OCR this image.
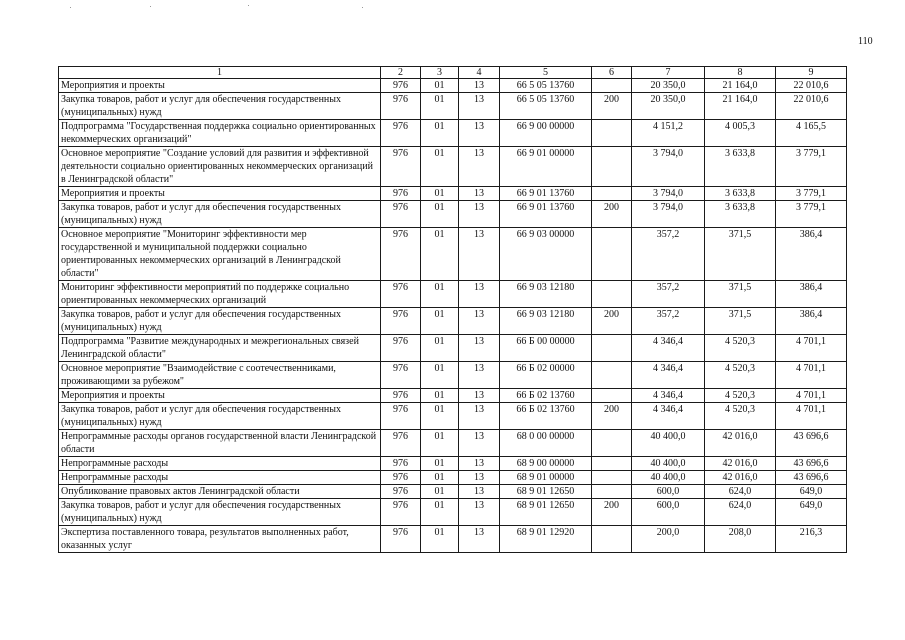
110
1	2	3	4	5	6	7	8	9
Мероприятия и проекты	976	01	13	66 5 05 13760		20 350,0	21 164,0	22 010,6
Закупка товаров, работ и услуг для обеспечения государственных (муниципальных) нужд	976	01	13	66 5 05 13760	200	20 350,0	21 164,0	22 010,6
Подпрограмма "Государственная поддержка социально ориентированных некоммерческих организаций"	976	01	13	66 9 00 00000		4 151,2	4 005,3	4 165,5
Основное мероприятие "Создание условий для развития и эффективной деятельности социально ориентированных некоммерческих организаций в Ленинградской области"	976	01	13	66 9 01 00000		3 794,0	3 633,8	3 779,1
Мероприятия и проекты	976	01	13	66 9 01 13760		3 794,0	3 633,8	3 779,1
Закупка товаров, работ и услуг для обеспечения государственных (муниципальных) нужд	976	01	13	66 9 01 13760	200	3 794,0	3 633,8	3 779,1
Основное мероприятие "Мониторинг эффективности мер государственной и муниципальной поддержки социально ориентированных некоммерческих организаций в Ленинградской области"	976	01	13	66 9 03 00000		357,2	371,5	386,4
Мониторинг эффективности мероприятий по поддержке социально ориентированных некоммерческих организаций	976	01	13	66 9 03 12180		357,2	371,5	386,4
Закупка товаров, работ и услуг для обеспечения государственных (муниципальных) нужд	976	01	13	66 9 03 12180	200	357,2	371,5	386,4
Подпрограмма "Развитие международных и межрегиональных связей Ленинградской области"	976	01	13	66 Б 00 00000		4 346,4	4 520,3	4 701,1
Основное мероприятие "Взаимодействие с соотечественниками, проживающими за рубежом"	976	01	13	66 Б 02 00000		4 346,4	4 520,3	4 701,1
Мероприятия и проекты	976	01	13	66 Б 02 13760		4 346,4	4 520,3	4 701,1
Закупка товаров, работ и услуг для обеспечения государственных (муниципальных) нужд	976	01	13	66 Б 02 13760	200	4 346,4	4 520,3	4 701,1
Непрограммные расходы органов государственной власти Ленинградской области	976	01	13	68 0 00 00000		40 400,0	42 016,0	43 696,6
Непрограммные расходы	976	01	13	68 9 00 00000		40 400,0	42 016,0	43 696,6
Непрограммные расходы	976	01	13	68 9 01 00000		40 400,0	42 016,0	43 696,6
Опубликование правовых актов Ленинградской области	976	01	13	68 9 01 12650		600,0	624,0	649,0
Закупка товаров, работ и услуг для обеспечения государственных (муниципальных) нужд	976	01	13	68 9 01 12650	200	600,0	624,0	649,0
Экспертиза поставленного товара, результатов выполненных работ, оказанных услуг	976	01	13	68 9 01 12920		200,0	208,0	216,3
